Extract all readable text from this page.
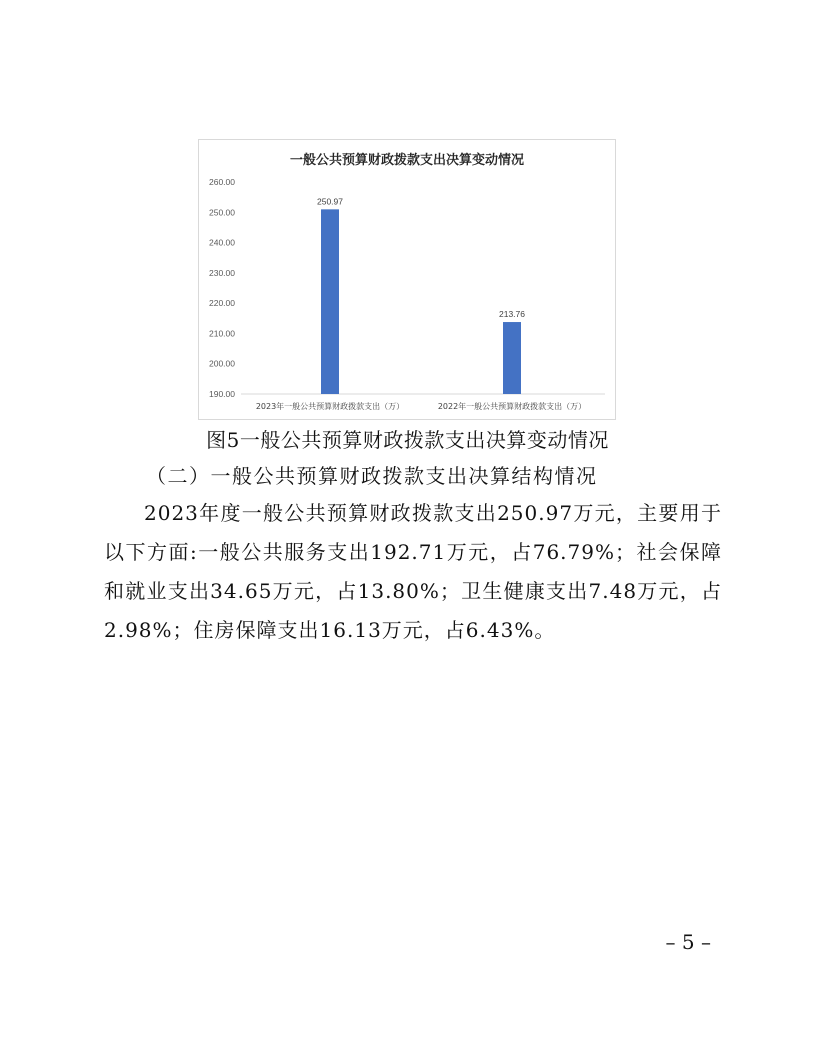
一般公共预算财政拨款支出决算变动情况
190.00
200.00
210.00
220.00
230.00
240.00
250.00
260.00
250.97
2023年一般公共预算财政拨款支出（万）
213.76
2022年一般公共预算财政拨款支出（万）
图5一般公共预算财政拨款支出决算变动情况
（二）一般公共预算财政拨款支出决算结构情况

2023年度一般公共预算财政拨款支出250.97万元，主要用于以下方面:一般公共服务支出192.71万元，占76.79%；社会保障和就业支出34.65万元，占13.80%；卫生健康支出7.48万元，占2.98%；住房保障支出16.13万元，占6.43%。

– 5 –
